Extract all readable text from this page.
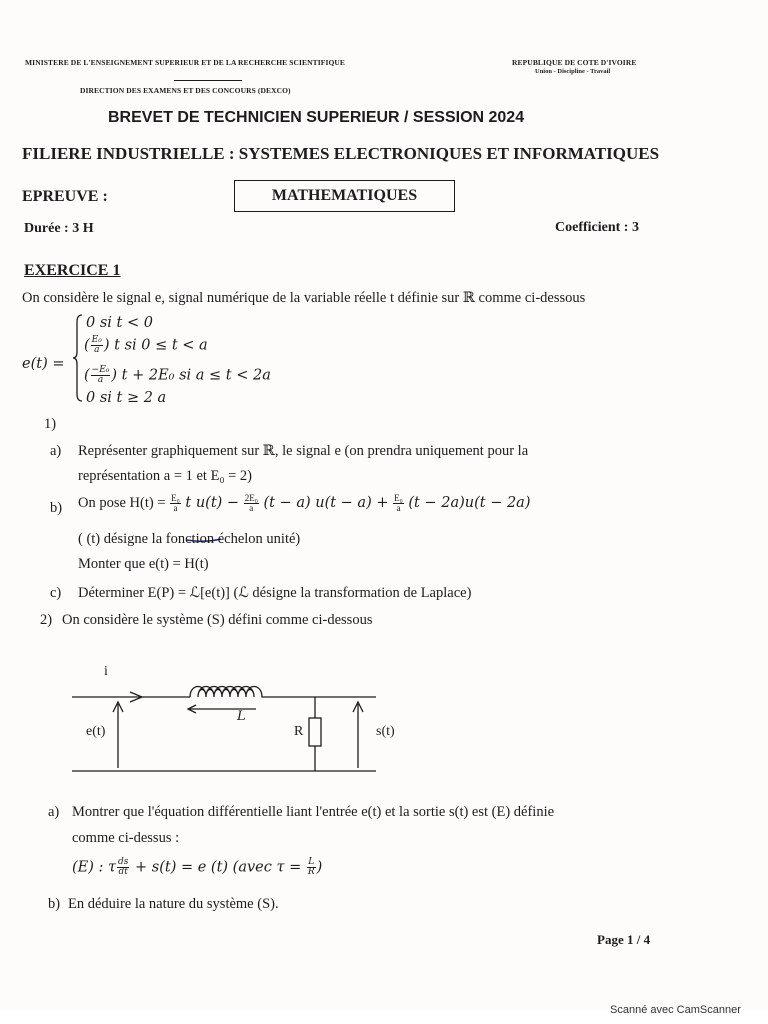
MINISTERE DE L'ENSEIGNEMENT SUPERIEUR ET DE LA RECHERCHE SCIENTIFIQUE	REPUBLIQUE DE COTE D'IVOIRE
Union - Discipline - Travail
DIRECTION DES EXAMENS ET DES CONCOURS (DEXCO)
BREVET DE TECHNICIEN SUPERIEUR / SESSION 2024
FILIERE INDUSTRIELLE : SYSTEMES ELECTRONIQUES ET INFORMATIQUES
EPREUVE :	MATHEMATIQUES
Durée : 3 H	Coefficient : 3
EXERCICE 1
On considère le signal e, signal numérique de la variable réelle t définie sur ℝ comme ci-dessous
e(t) =
0 si t < 0
( $\frac{\text{E₀}}{a}$ ) t si 0 ≤ t < a
( $\frac{\text{−E₀}}{a}$ ) t + 2E₀ si a ≤ t < 2a
0 si t ≥ 2 a
1)
a) Représenter graphiquement sur ℝ, le signal e (on prendra uniquement pour la
représentation a = 1 et E₀ = 2)
b) On pose $H(t) = \frac{\text{E₀}}{a}$ t $u(t) - \frac{\text{2E₀}}{a} (t - a) u(t - a) + \frac{\text{E₀}}{a} (t - 2a)u(t - 2a)$
( (t) désigne la fonction échelon unité)
Monter que e(t) = H(t)
c) Déterminer E(P) = ℒ[e(t)] (ℒ désigne la transformation de Laplace)
2) On considère le système (S) défini comme ci-dessous
i
e(t)
L
R	s(t)
a) Montrer que l'équation différentielle liant l'entrée e(t) et la sortie s(t) est (E) définie
comme ci-dessus :
(E) : τ $\frac{ds}{dt} + s(t) = e$ (t) (avec $\tau = \frac{L}{R}$ )
b) En déduire la nature du système (S).
Page 1 / 4
Scanné avec CamScanner
